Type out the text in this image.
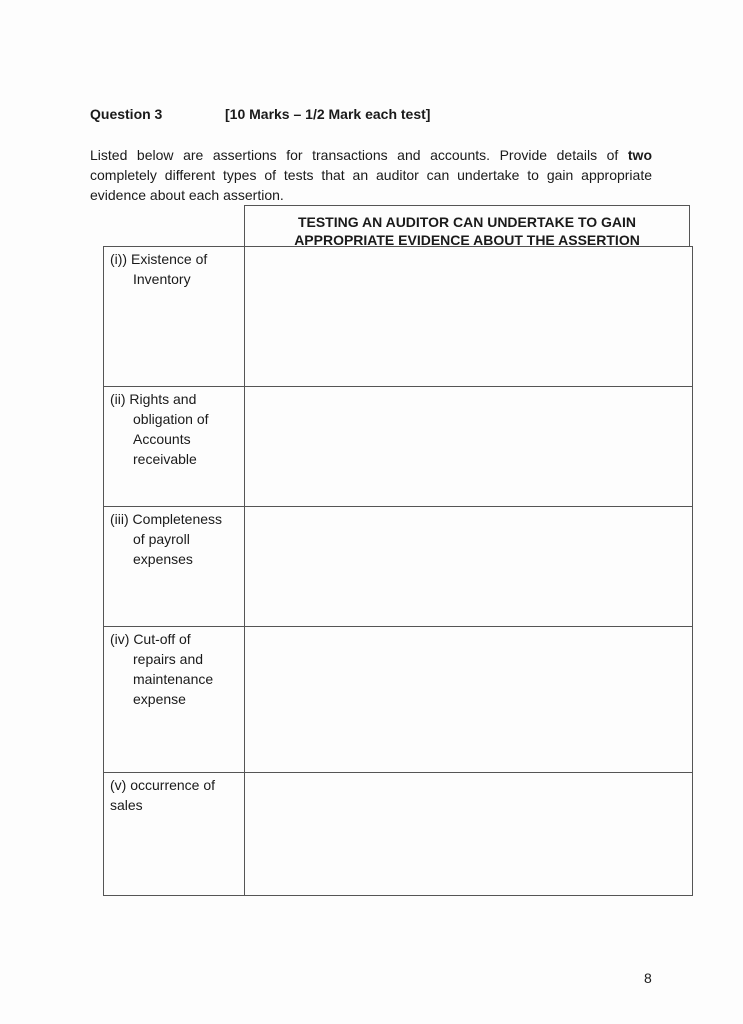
Question 3	[10 Marks – 1/2 Mark each test]
Listed below are assertions for transactions and accounts. Provide details of two completely different types of tests that an auditor can undertake to gain appropriate evidence about each assertion.
TESTING AN AUDITOR CAN UNDERTAKE TO GAIN
APPROPRIATE EVIDENCE ABOUT THE ASSERTION
(i)) Existence of
Inventory	

(ii) Rights and
obligation of
Accounts
receivable	

(iii) Completeness
of payroll
expenses	

(iv) Cut-off of
repairs and
maintenance
expense	

(v) occurrence of
sales	

8
